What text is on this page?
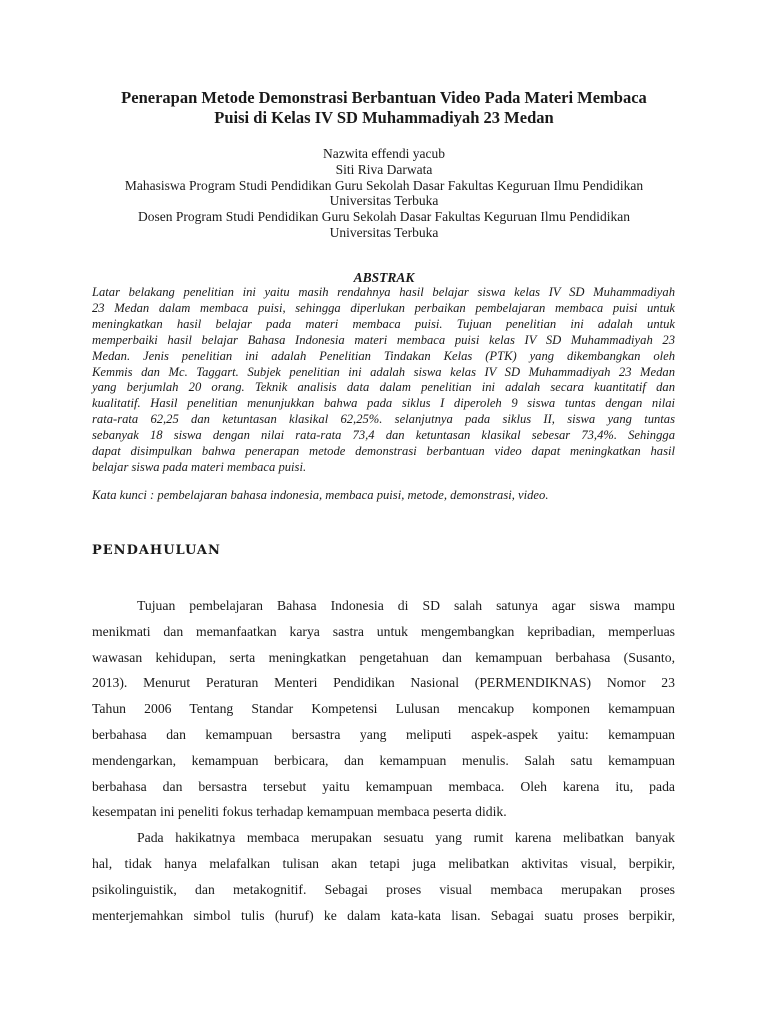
Penerapan Metode Demonstrasi Berbantuan Video Pada Materi Membaca
Puisi di Kelas IV SD Muhammadiyah 23 Medan
Nazwita effendi yacub
Siti Riva Darwata
Mahasiswa Program Studi Pendidikan Guru Sekolah Dasar Fakultas Keguruan Ilmu Pendidikan
Universitas Terbuka
Dosen Program Studi Pendidikan Guru Sekolah Dasar Fakultas Keguruan Ilmu Pendidikan
Universitas Terbuka
ABSTRAK
Latar belakang penelitian ini yaitu masih rendahnya hasil belajar siswa kelas IV SD Muhammadiyah
23 Medan dalam membaca puisi, sehingga diperlukan perbaikan pembelajaran membaca puisi untuk
meningkatkan hasil belajar pada materi membaca puisi. Tujuan penelitian ini adalah untuk
memperbaiki hasil belajar Bahasa Indonesia materi membaca puisi kelas IV SD Muhammadiyah 23
Medan. Jenis penelitian ini adalah Penelitian Tindakan Kelas (PTK) yang dikembangkan oleh
Kemmis dan Mc. Taggart. Subjek penelitian ini adalah siswa kelas IV SD Muhammadiyah 23 Medan
yang berjumlah 20 orang. Teknik analisis data dalam penelitian ini adalah secara kuantitatif dan
kualitatif. Hasil penelitian menunjukkan bahwa pada siklus I diperoleh 9 siswa tuntas dengan nilai
rata-rata 62,25 dan ketuntasan klasikal 62,25%. selanjutnya pada siklus II, siswa yang tuntas
sebanyak 18 siswa dengan nilai rata-rata 73,4 dan ketuntasan klasikal sebesar 73,4%. Sehingga
dapat disimpulkan bahwa penerapan metode demonstrasi berbantuan video dapat meningkatkan hasil
belajar siswa pada materi membaca puisi.
Kata kunci : pembelajaran bahasa indonesia, membaca puisi, metode, demonstrasi, video.
PENDAHULUAN
Tujuan pembelajaran Bahasa Indonesia di SD salah satunya agar siswa mampu
menikmati dan memanfaatkan karya sastra untuk mengembangkan kepribadian, memperluas
wawasan kehidupan, serta meningkatkan pengetahuan dan kemampuan berbahasa (Susanto,
2013). Menurut Peraturan Menteri Pendidikan Nasional (PERMENDIKNAS) Nomor 23
Tahun 2006 Tentang Standar Kompetensi Lulusan mencakup komponen kemampuan
berbahasa dan kemampuan bersastra yang meliputi aspek-aspek yaitu: kemampuan
mendengarkan, kemampuan berbicara, dan kemampuan menulis. Salah satu kemampuan
berbahasa dan bersastra tersebut yaitu kemampuan membaca. Oleh karena itu, pada
kesempatan ini peneliti fokus terhadap kemampuan membaca peserta didik.
Pada hakikatnya membaca merupakan sesuatu yang rumit karena melibatkan banyak
hal, tidak hanya melafalkan tulisan akan tetapi juga melibatkan aktivitas visual, berpikir,
psikolinguistik, dan metakognitif. Sebagai proses visual membaca merupakan proses
menterjemahkan simbol tulis (huruf) ke dalam kata-kata lisan. Sebagai suatu proses berpikir,
